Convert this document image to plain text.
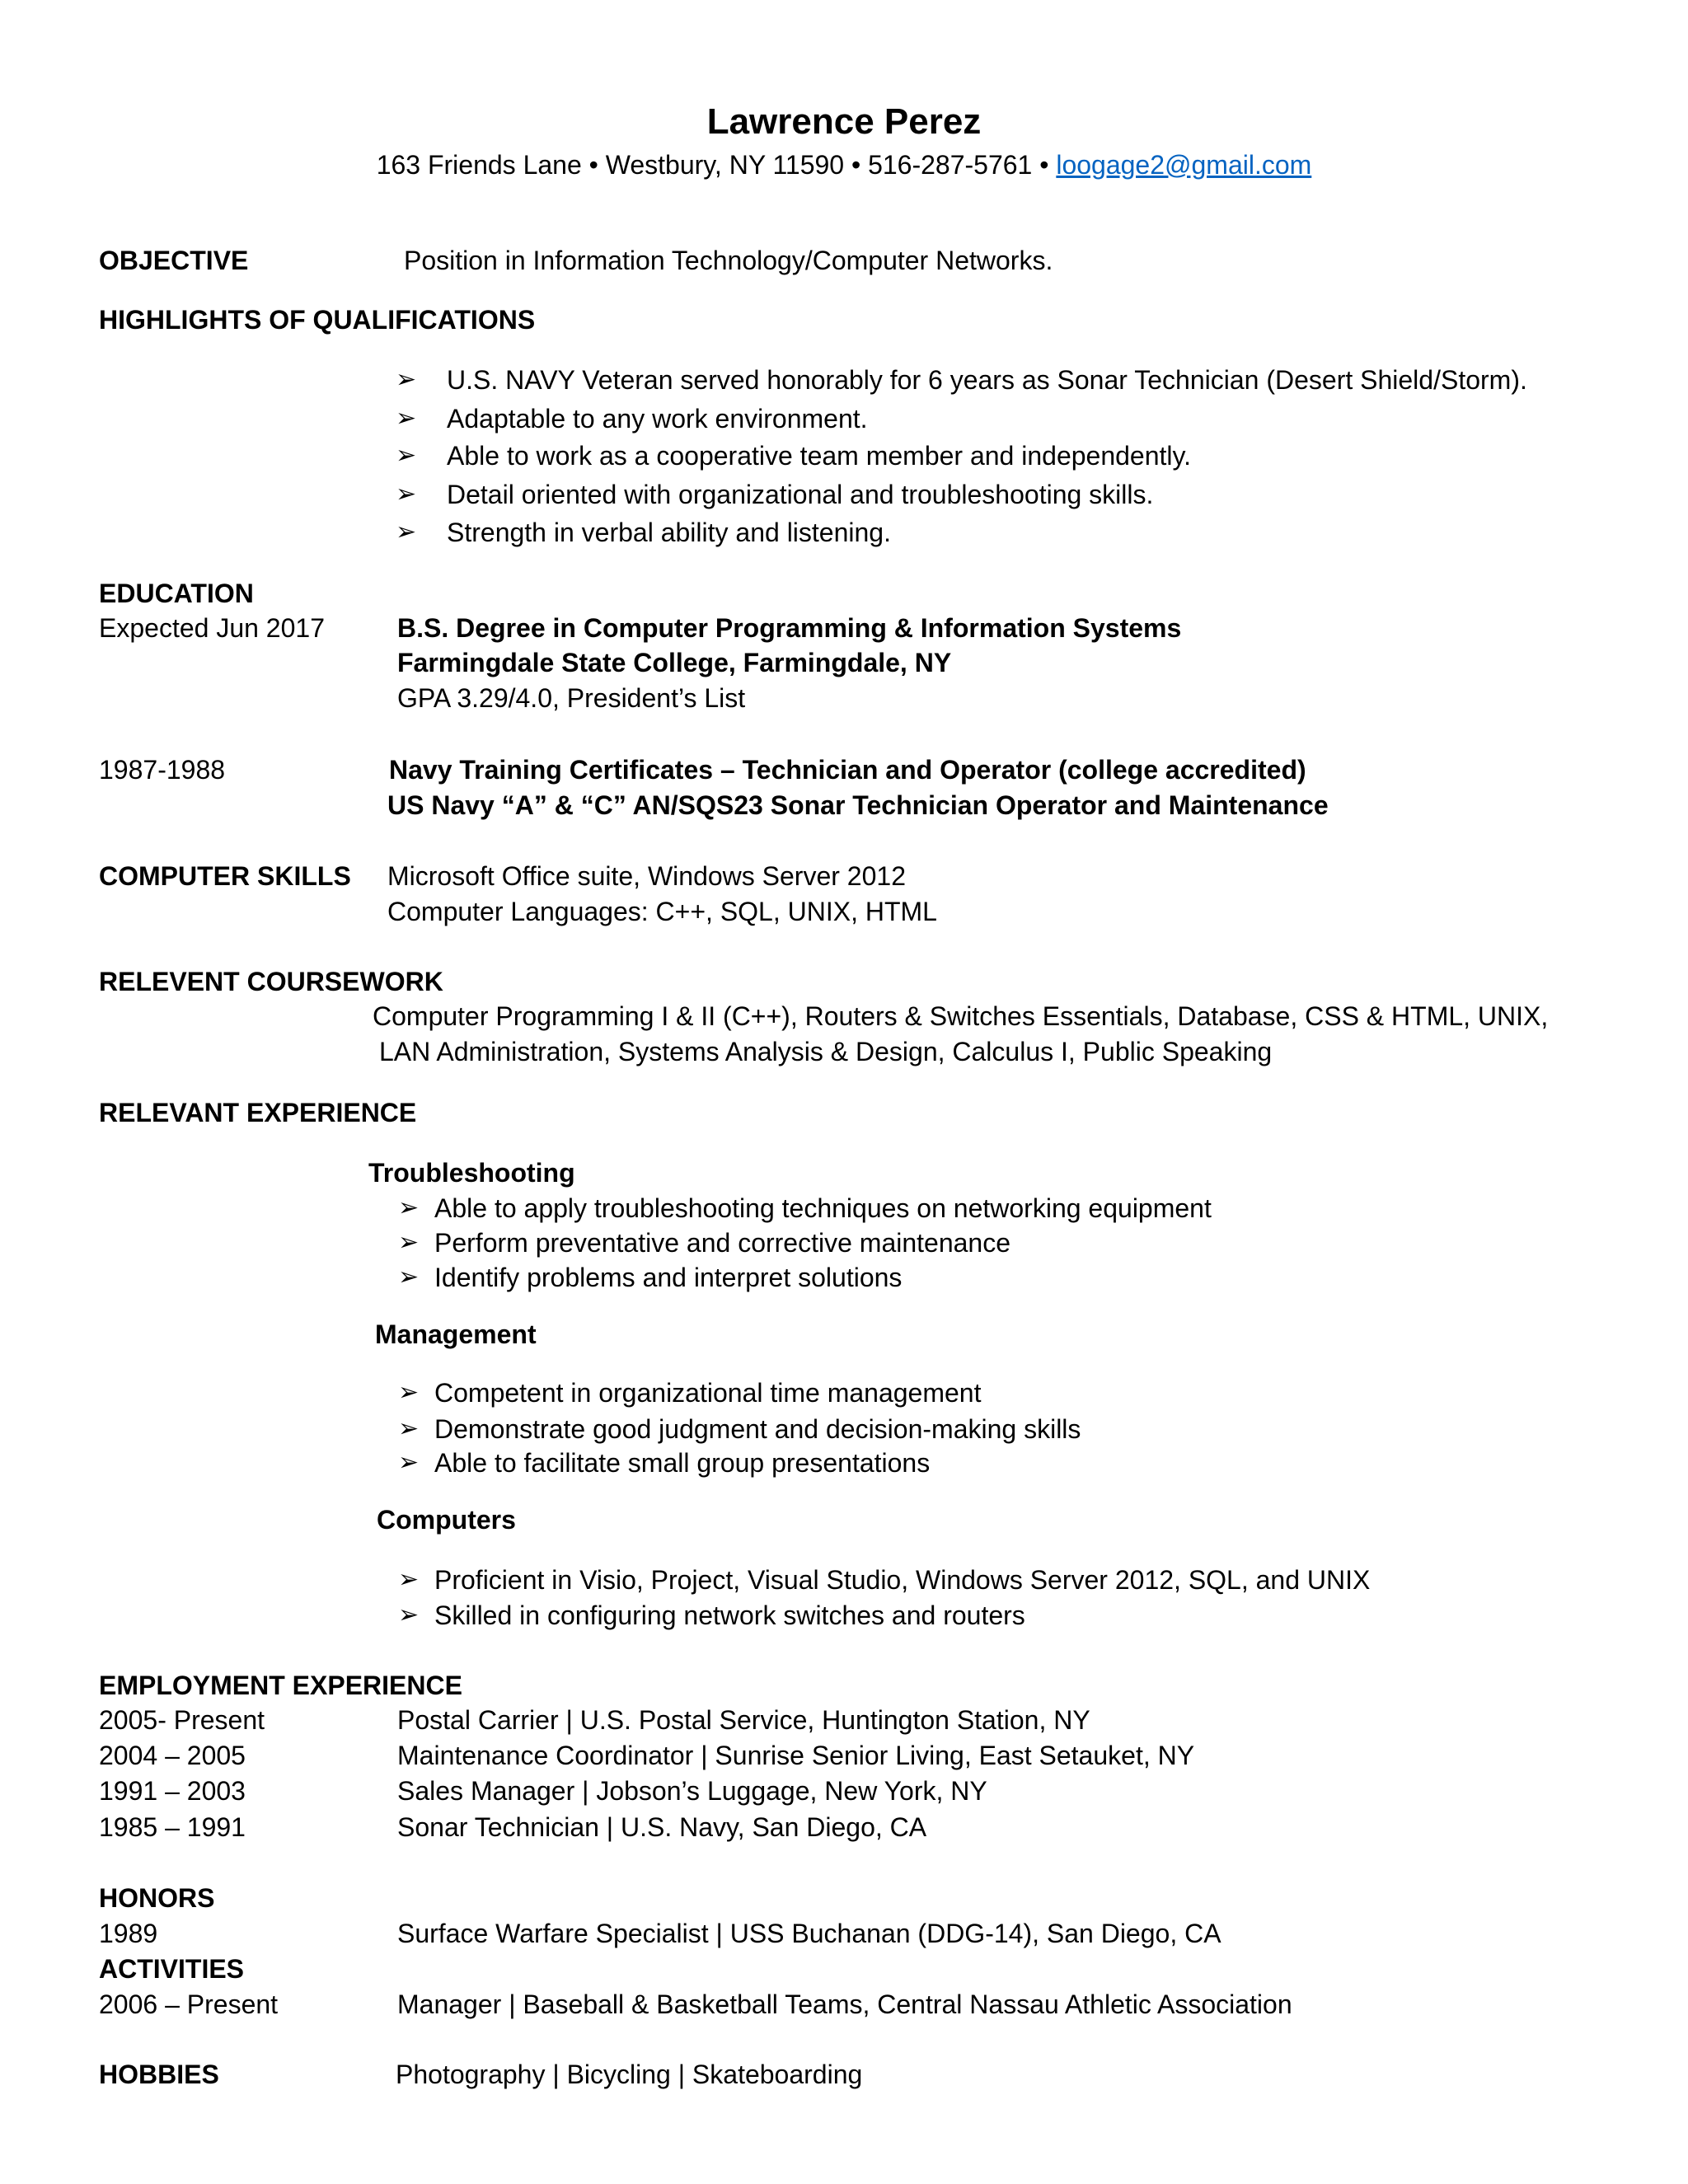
Lawrence Perez
163 Friends Lane • Westbury, NY 11590 • 516-287-5761 • loogage2@gmail.com
OBJECTIVE	Position in Information Technology/Computer Networks.
HIGHLIGHTS OF QUALIFICATIONS
➢ U.S. NAVY Veteran served honorably for 6 years as Sonar Technician (Desert Shield/Storm).
➢ Adaptable to any work environment.
➢ Able to work as a cooperative team member and independently.
➢ Detail oriented with organizational and troubleshooting skills.
➢ Strength in verbal ability and listening.
EDUCATION
Expected Jun 2017	B.S. Degree in Computer Programming & Information Systems
Farmingdale State College, Farmingdale, NY
GPA 3.29/4.0, President’s List
1987-1988	Navy Training Certificates – Technician and Operator (college accredited)
US Navy “A” & “C” AN/SQS23 Sonar Technician Operator and Maintenance
COMPUTER SKILLS Microsoft Office suite, Windows Server 2012
Computer Languages: C++, SQL, UNIX, HTML
RELEVENT COURSEWORK
Computer Programming I & II (C++), Routers & Switches Essentials, Database, CSS & HTML, UNIX,
LAN Administration, Systems Analysis & Design, Calculus I, Public Speaking
RELEVANT EXPERIENCE
Troubleshooting
➢ Able to apply troubleshooting techniques on networking equipment
➢ Perform preventative and corrective maintenance
➢ Identify problems and interpret solutions
Management
➢ Competent in organizational time management
➢ Demonstrate good judgment and decision-making skills
➢ Able to facilitate small group presentations
Computers
➢ Proficient in Visio, Project, Visual Studio, Windows Server 2012, SQL, and UNIX
➢ Skilled in configuring network switches and routers
EMPLOYMENT EXPERIENCE
2005- Present	Postal Carrier | U.S. Postal Service, Huntington Station, NY
2004 – 2005	Maintenance Coordinator | Sunrise Senior Living, East Setauket, NY
1991 – 2003	Sales Manager | Jobson’s Luggage, New York, NY
1985 – 1991	Sonar Technician | U.S. Navy, San Diego, CA
HONORS
1989	Surface Warfare Specialist | USS Buchanan (DDG-14), San Diego, CA
ACTIVITIES
2006 – Present	Manager | Baseball & Basketball Teams, Central Nassau Athletic Association
HOBBIES	Photography | Bicycling | Skateboarding
